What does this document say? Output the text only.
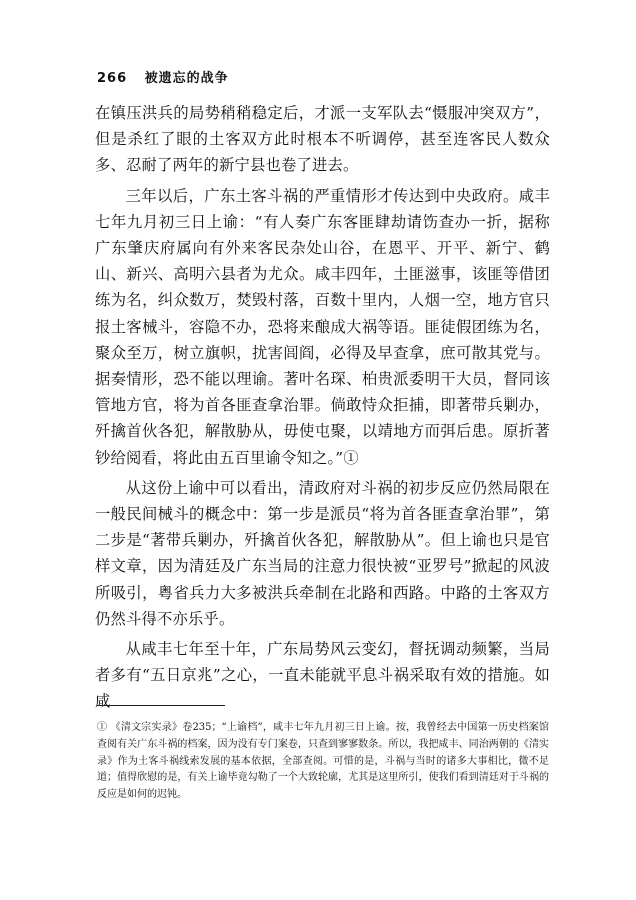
266 被遗忘的战争

在镇压洪兵的局势稍稍稳定后，才派一支军队去“慑服冲突双方”，但是杀红了眼的土客双方此时根本不听调停，甚至连客民人数众多、忍耐了两年的新宁县也卷了进去。

三年以后，广东土客斗祸的严重情形才传达到中央政府。咸丰七年九月初三日上谕：“有人奏广东客匪肆劫请饬查办一折，据称广东肇庆府属向有外来客民杂处山谷，在恩平、开平、新宁、鹤山、新兴、高明六县者为尤众。咸丰四年，土匪滋事，该匪等借团练为名，纠众数万，焚毁村落，百数十里内，人烟一空，地方官只报土客械斗，容隐不办，恐将来酿成大祸等语。匪徒假团练为名，聚众至万，树立旗帜，扰害闾阎，必得及早查拿，庶可散其党与。据奏情形，恐不能以理谕。著叶名琛、柏贵派委明干大员，督同该管地方官，将为首各匪查拿治罪。倘敢恃众拒捕，即著带兵剿办，歼擒首伙各犯，解散胁从，毋使屯聚，以靖地方而弭后患。原折著钞给阅看，将此由五百里谕令知之。”①

从这份上谕中可以看出，清政府对斗祸的初步反应仍然局限在一般民间械斗的概念中：第一步是派员“将为首各匪查拿治罪”，第二步是“著带兵剿办，歼擒首伙各犯，解散胁从”。但上谕也只是官样文章，因为清廷及广东当局的注意力很快被“亚罗号”掀起的风波所吸引，粤省兵力大多被洪兵牵制在北路和西路。中路的土客双方仍然斗得不亦乐乎。

从咸丰七年至十年，广东局势风云变幻，督抚调动频繁，当局者多有“五日京兆”之心，一直未能就平息斗祸采取有效的措施。如咸

① 《清文宗实录》卷235；“上谕档”，咸丰七年九月初三日上谕。按，我曾经去中国第一历史档案馆查阅有关广东斗祸的档案，因为没有专门案卷，只查到寥寥数条。所以，我把咸丰、同治两朝的《清实录》作为土客斗祸线索发展的基本依据，全部查阅。可惜的是，斗祸与当时的诸多大事相比，微不足道；值得欣慰的是，有关上谕毕竟勾勒了一个大致轮廓，尤其是这里所引，使我们看到清廷对于斗祸的反应是如何的迟钝。
